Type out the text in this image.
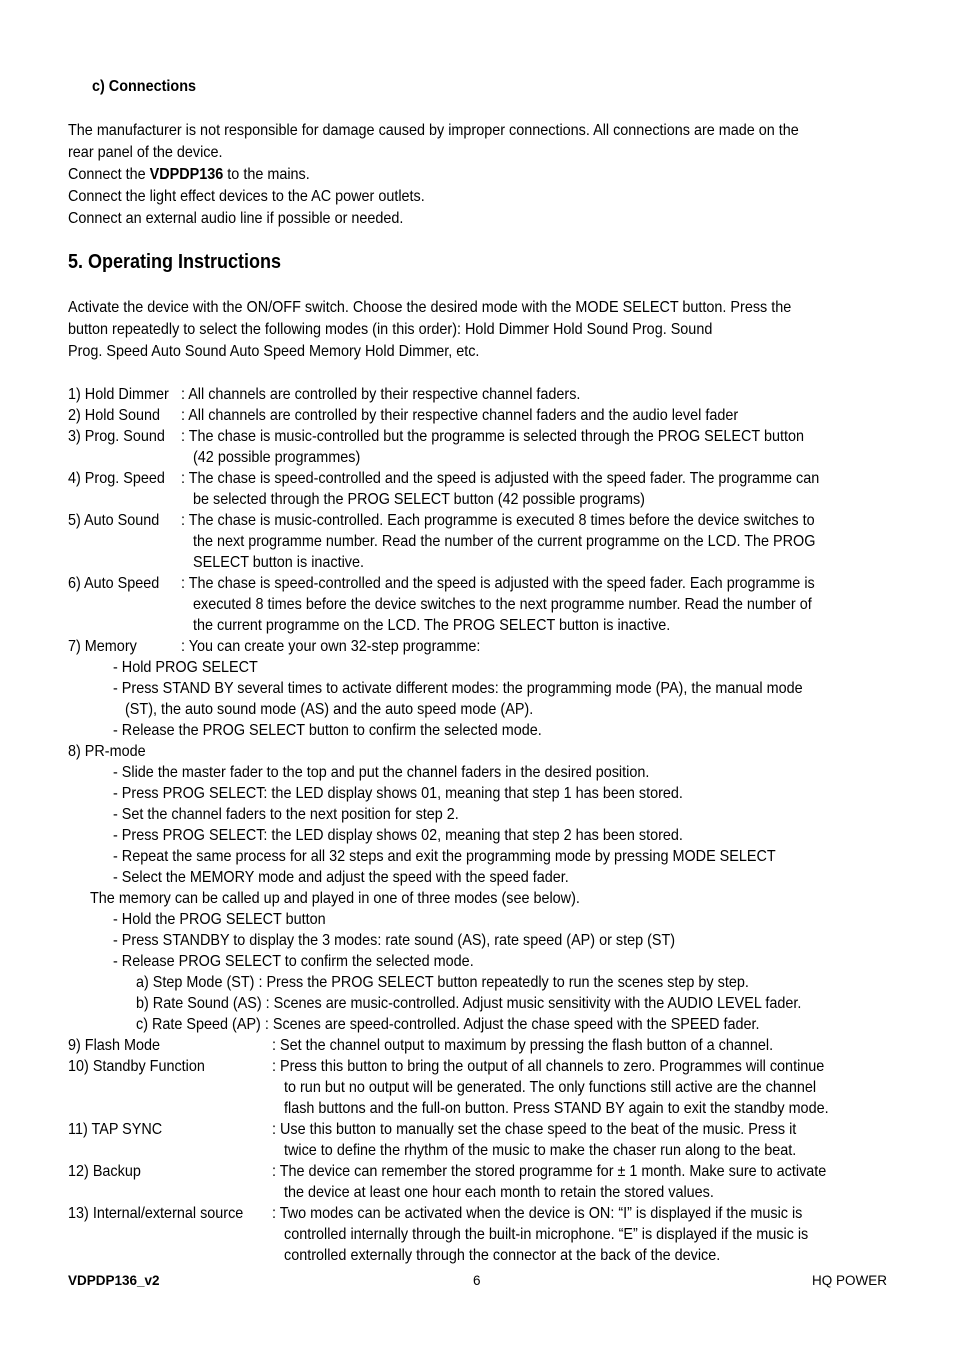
c) Connections
The manufacturer is not responsible for damage caused by improper connections. All connections are made on the
rear panel of the device.
Connect the VDPDP136 to the mains.
Connect the light effect devices to the AC power outlets.
Connect an external audio line if possible or needed.
5. Operating Instructions
Activate the device with the ON/OFF switch. Choose the desired mode with the MODE SELECT button. Press the
button repeatedly to select the following modes (in this order): Hold Dimmer Hold Sound Prog. Sound
Prog. Speed Auto Sound Auto Speed Memory Hold Dimmer, etc.
1) Hold Dimmer : All channels are controlled by their respective channel faders.
2) Hold Sound : All channels are controlled by their respective channel faders and the audio level fader
3) Prog. Sound : The chase is music-controlled but the programme is selected through the PROG SELECT button
(42 possible programmes)
4) Prog. Speed : The chase is speed-controlled and the speed is adjusted with the speed fader. The programme can
be selected through the PROG SELECT button (42 possible programs)
5) Auto Sound : The chase is music-controlled. Each programme is executed 8 times before the device switches to
the next programme number. Read the number of the current programme on the LCD. The PROG
SELECT button is inactive.
6) Auto Speed : The chase is speed-controlled and the speed is adjusted with the speed fader. Each programme is
executed 8 times before the device switches to the next programme number. Read the number of
the current programme on the LCD. The PROG SELECT button is inactive.
7) Memory	: You can create your own 32-step programme:
- Hold PROG SELECT
- Press STAND BY several times to activate different modes: the programming mode (PA), the manual mode
(ST), the auto sound mode (AS) and the auto speed mode (AP).
- Release the PROG SELECT button to confirm the selected mode.
8) PR-mode
- Slide the master fader to the top and put the channel faders in the desired position.
- Press PROG SELECT: the LED display shows 01, meaning that step 1 has been stored.
- Set the channel faders to the next position for step 2.
- Press PROG SELECT: the LED display shows 02, meaning that step 2 has been stored.
- Repeat the same process for all 32 steps and exit the programming mode by pressing MODE SELECT
- Select the MEMORY mode and adjust the speed with the speed fader.
The memory can be called up and played in one of three modes (see below).
- Hold the PROG SELECT button
- Press STANDBY to display the 3 modes: rate sound (AS), rate speed (AP) or step (ST)
- Release PROG SELECT to confirm the selected mode.
a) Step Mode (ST) : Press the PROG SELECT button repeatedly to run the scenes step by step.
b) Rate Sound (AS) : Scenes are music-controlled. Adjust music sensitivity with the AUDIO LEVEL fader.
c) Rate Speed (AP) : Scenes are speed-controlled. Adjust the chase speed with the SPEED fader.
9) Flash Mode	: Set the channel output to maximum by pressing the flash button of a channel.
10) Standby Function	: Press this button to bring the output of all channels to zero. Programmes will continue
to run but no output will be generated. The only functions still active are the channel
flash buttons and the full-on button. Press STAND BY again to exit the standby mode.
11) TAP SYNC	: Use this button to manually set the chase speed to the beat of the music. Press it
twice to define the rhythm of the music to make the chaser run along to the beat.
12) Backup	: The device can remember the stored programme for ± 1 month. Make sure to activate
the device at least one hour each month to retain the stored values.
13) Internal/external source : Two modes can be activated when the device is ON: “I” is displayed if the music is
controlled internally through the built-in microphone. “E” is displayed if the music is
controlled externally through the connector at the back of the device.
VDPDP136_v2	6	HQ POWER
